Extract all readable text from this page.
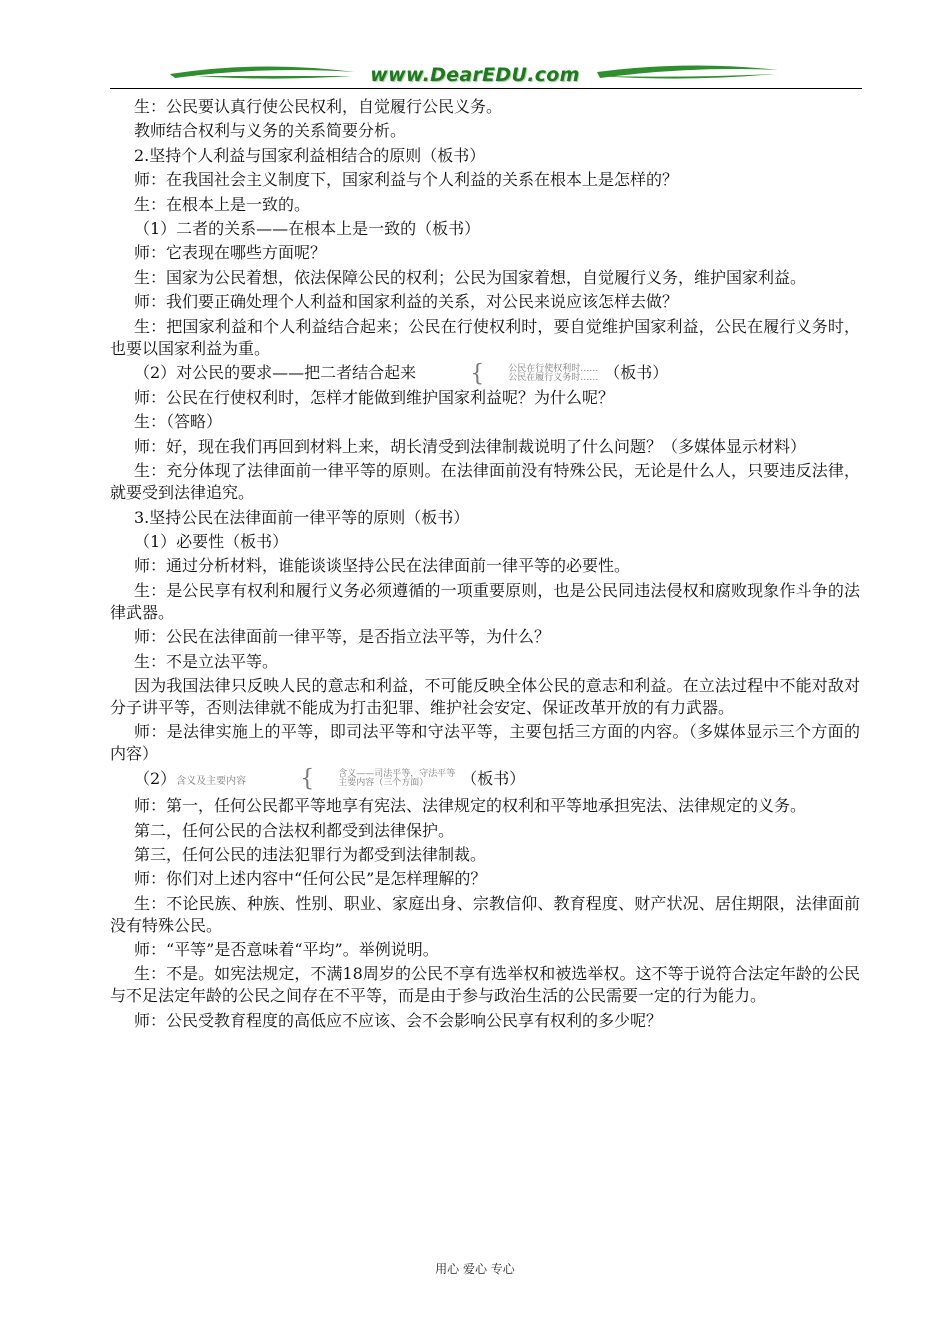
www.DearEDU.com

生：公民要认真行使公民权利，自觉履行公民义务。

教师结合权利与义务的关系简要分析。

2.坚持个人利益与国家利益相结合的原则（板书）

师：在我国社会主义制度下，国家利益与个人利益的关系在根本上是怎样的？

生：在根本上是一致的。

（1）二者的关系——在根本上是一致的（板书）

师：它表现在哪些方面呢？

生：国家为公民着想，依法保障公民的权利；公民为国家着想，自觉履行义务，维护国家利益。

师：我们要正确处理个人利益和国家利益的关系，对公民来说应该怎样去做？

生：把国家利益和个人利益结合起来；公民在行使权利时，要自觉维护国家利益，公民在履行义务时，也要以国家利益为重。

（2）对公民的要求——把二者结合起来 {	公民在行使权利时……
公民在履行义务时…… （板书）

师：公民在行使权利时，怎样才能做到维护国家利益呢？为什么呢？

生：（答略）

师：好，现在我们再回到材料上来，胡长清受到法律制裁说明了什么问题？（多媒体显示材料）

生：充分体现了法律面前一律平等的原则。在法律面前没有特殊公民，无论是什么人，只要违反法律，就要受到法律追究。

3.坚持公民在法律面前一律平等的原则（板书）

（1）必要性（板书）

师：通过分析材料，谁能谈谈坚持公民在法律面前一律平等的必要性。

生：是公民享有权利和履行义务必须遵循的一项重要原则，也是公民同违法侵权和腐败现象作斗争的法律武器。

师：公民在法律面前一律平等，是否指立法平等，为什么？

生：不是立法平等。

因为我国法律只反映人民的意志和利益，不可能反映全体公民的意志和利益。在立法过程中不能对敌对分子讲平等，否则法律就不能成为打击犯罪、维护社会安定、保证改革开放的有力武器。

师：是法律实施上的平等，即司法平等和守法平等，主要包括三方面的内容。（多媒体显示三个方面的内容）

（2）含义及主要内容 {	含义——司法平等，守法平等
主要内容（三个方面）	（板书）

师：第一，任何公民都平等地享有宪法、法律规定的权利和平等地承担宪法、法律规定的义务。

第二，任何公民的合法权利都受到法律保护。

第三，任何公民的违法犯罪行为都受到法律制裁。

师：你们对上述内容中“任何公民”是怎样理解的？

生：不论民族、种族、性别、职业、家庭出身、宗教信仰、教育程度、财产状况、居住期限，法律面前没有特殊公民。

师：“平等”是否意味着“平均”。举例说明。

生：不是。如宪法规定，不满18周岁的公民不享有选举权和被选举权。这不等于说符合法定年龄的公民与不足法定年龄的公民之间存在不平等，而是由于参与政治生活的公民需要一定的行为能力。

师：公民受教育程度的高低应不应该、会不会影响公民享有权利的多少呢？

用心 爱心 专心
